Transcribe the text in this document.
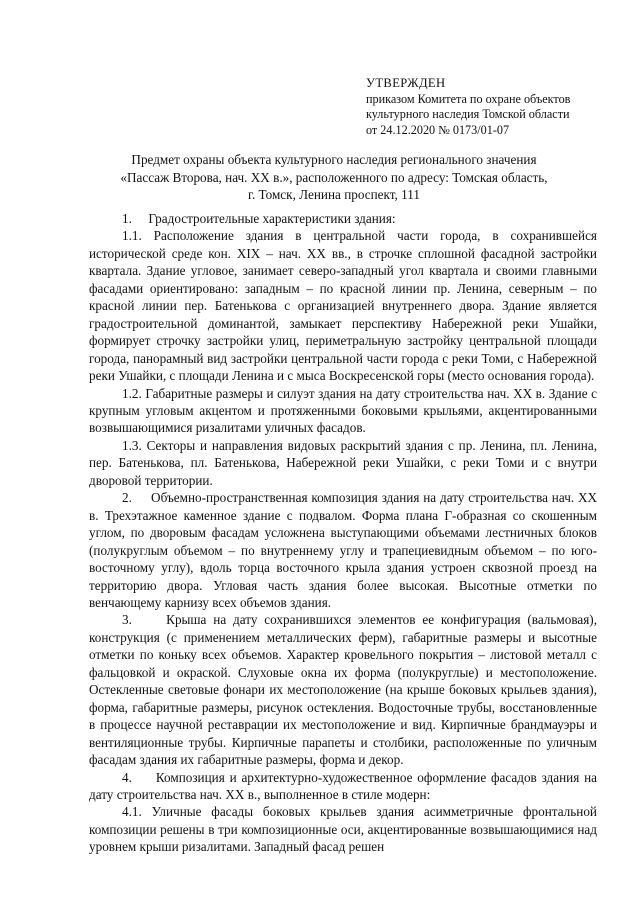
УТВЕРЖДЕН
приказом Комитета по охране объектов
культурного наследия Томской области
от 24.12.2020 № 0173/01-07
Предмет охраны объекта культурного наследия регионального значения
«Пассаж Второва, нач. ХХ в.», расположенного по адресу: Томская область,
г. Томск, Ленина проспект, 111

1.     Градостроительные характеристики здания:

1.1. Расположение здания в центральной части города, в сохранившейся исторической среде кон. XIX – нач. ХХ вв., в строчке сплошной фасадной застройки квартала. Здание угловое, занимает северо-западный угол квартала и своими главными фасадами ориентировано: западным – по красной линии пр. Ленина, северным – по красной линии пер. Батенькова с организацией внутреннего двора. Здание является градостроительной доминантой, замыкает перспективу Набережной реки Ушайки, формирует строчку застройки улиц, периметральную застройку центральной площади города, панорамный вид застройки центральной части города с реки Томи, с Набережной реки Ушайки, с площади Ленина и с мыса Воскресенской горы (место основания города).

1.2. Габаритные размеры и силуэт здания на дату строительства нач. ХХ в. Здание с крупным угловым акцентом и протяженными боковыми крыльями, акцентированными возвышающимися ризалитами уличных фасадов.

1.3. Секторы и направления видовых раскрытий здания с пр. Ленина, пл. Ленина, пер. Батенькова, пл. Батенькова, Набережной реки Ушайки, с реки Томи и с внутри дворовой территории.

2.     Объемно-пространственная композиция здания на дату строительства нач. ХХ в. Трехэтажное каменное здание с подвалом. Форма плана Г-образная со скошенным углом, по дворовым фасадам усложнена выступающими объемами лестничных блоков (полукруглым объемом – по внутреннему углу и трапециевидным объемом – по юго-восточному углу), вдоль торца восточного крыла здания устроен сквозной проезд на территорию двора. Угловая часть здания более высокая. Высотные отметки по венчающему карнизу всех объемов здания.

3.     Крыша на дату сохранившихся элементов ее конфигурация (вальмовая), конструкция (с применением металлических ферм), габаритные размеры и высотные отметки по коньку всех объемов. Характер кровельного покрытия – листовой металл с фальцовкой и окраской. Слуховые окна их форма (полукруглые) и местоположение. Остекленные световые фонари их местоположение (на крыше боковых крыльев здания), форма, габаритные размеры, рисунок остекления. Водосточные трубы, восстановленные в процессе научной реставрации их местоположение и вид. Кирпичные брандмауэры и вентиляционные трубы. Кирпичные парапеты и столбики, расположенные по уличным фасадам здания их габаритные размеры, форма и декор.

4.     Композиция и архитектурно-художественное оформление фасадов здания на дату строительства нач. ХХ в., выполненное в стиле модерн:

4.1. Уличные фасады боковых крыльев здания асимметричные фронтальной композиции решены в три композиционные оси, акцентированные возвышающимися над уровнем крыши ризалитами. Западный фасад решен
